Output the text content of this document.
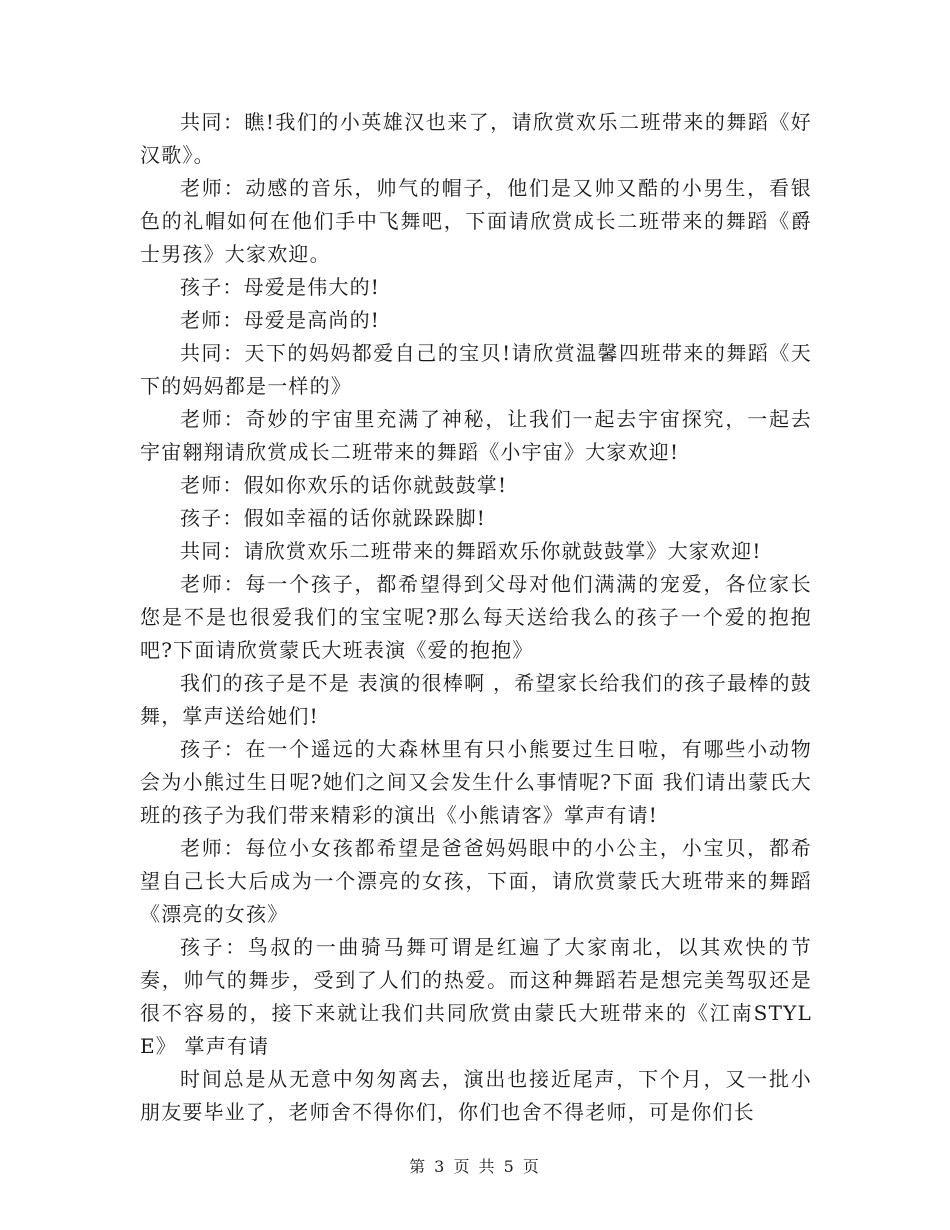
共同：瞧!我们的小英雄汉也来了，请欣赏欢乐二班带来的舞蹈《好汉歌》。

老师：动感的音乐，帅气的帽子，他们是又帅又酷的小男生，看银色的礼帽如何在他们手中飞舞吧，下面请欣赏成长二班带来的舞蹈《爵士男孩》大家欢迎。

孩子：母爱是伟大的!

老师：母爱是高尚的!

共同：天下的妈妈都爱自己的宝贝!请欣赏温馨四班带来的舞蹈《天下的妈妈都是一样的》

老师：奇妙的宇宙里充满了神秘，让我们一起去宇宙探究，一起去宇宙翱翔请欣赏成长二班带来的舞蹈《小宇宙》大家欢迎!

老师：假如你欢乐的话你就鼓鼓掌!

孩子：假如幸福的话你就跺跺脚!

共同：请欣赏欢乐二班带来的舞蹈欢乐你就鼓鼓掌》大家欢迎!

老师：每一个孩子，都希望得到父母对他们满满的宠爱，各位家长您是不是也很爱我们的宝宝呢?那么每天送给我么的孩子一个爱的抱抱吧?下面请欣赏蒙氏大班表演《爱的抱抱》

我们的孩子是不是 表演的很棒啊 ，希望家长给我们的孩子最棒的鼓舞，掌声送给她们!

孩子：在一个遥远的大森林里有只小熊要过生日啦，有哪些小动物会为小熊过生日呢?她们之间又会发生什么事情呢?下面 我们请出蒙氏大班的孩子为我们带来精彩的演出《小熊请客》掌声有请!

老师：每位小女孩都希望是爸爸妈妈眼中的小公主，小宝贝，都希望自己长大后成为一个漂亮的女孩，下面，请欣赏蒙氏大班带来的舞蹈《漂亮的女孩》

孩子：鸟叔的一曲骑马舞可谓是红遍了大家南北，以其欢快的节奏，帅气的舞步，受到了人们的热爱。而这种舞蹈若是想完美驾驭还是很不容易的，接下来就让我们共同欣赏由蒙氏大班带来的《江南STYLE》 掌声有请

时间总是从无意中匆匆离去，演出也接近尾声，下个月，又一批小朋友要毕业了，老师舍不得你们，你们也舍不得老师，可是你们长

第 3 页 共 5 页
